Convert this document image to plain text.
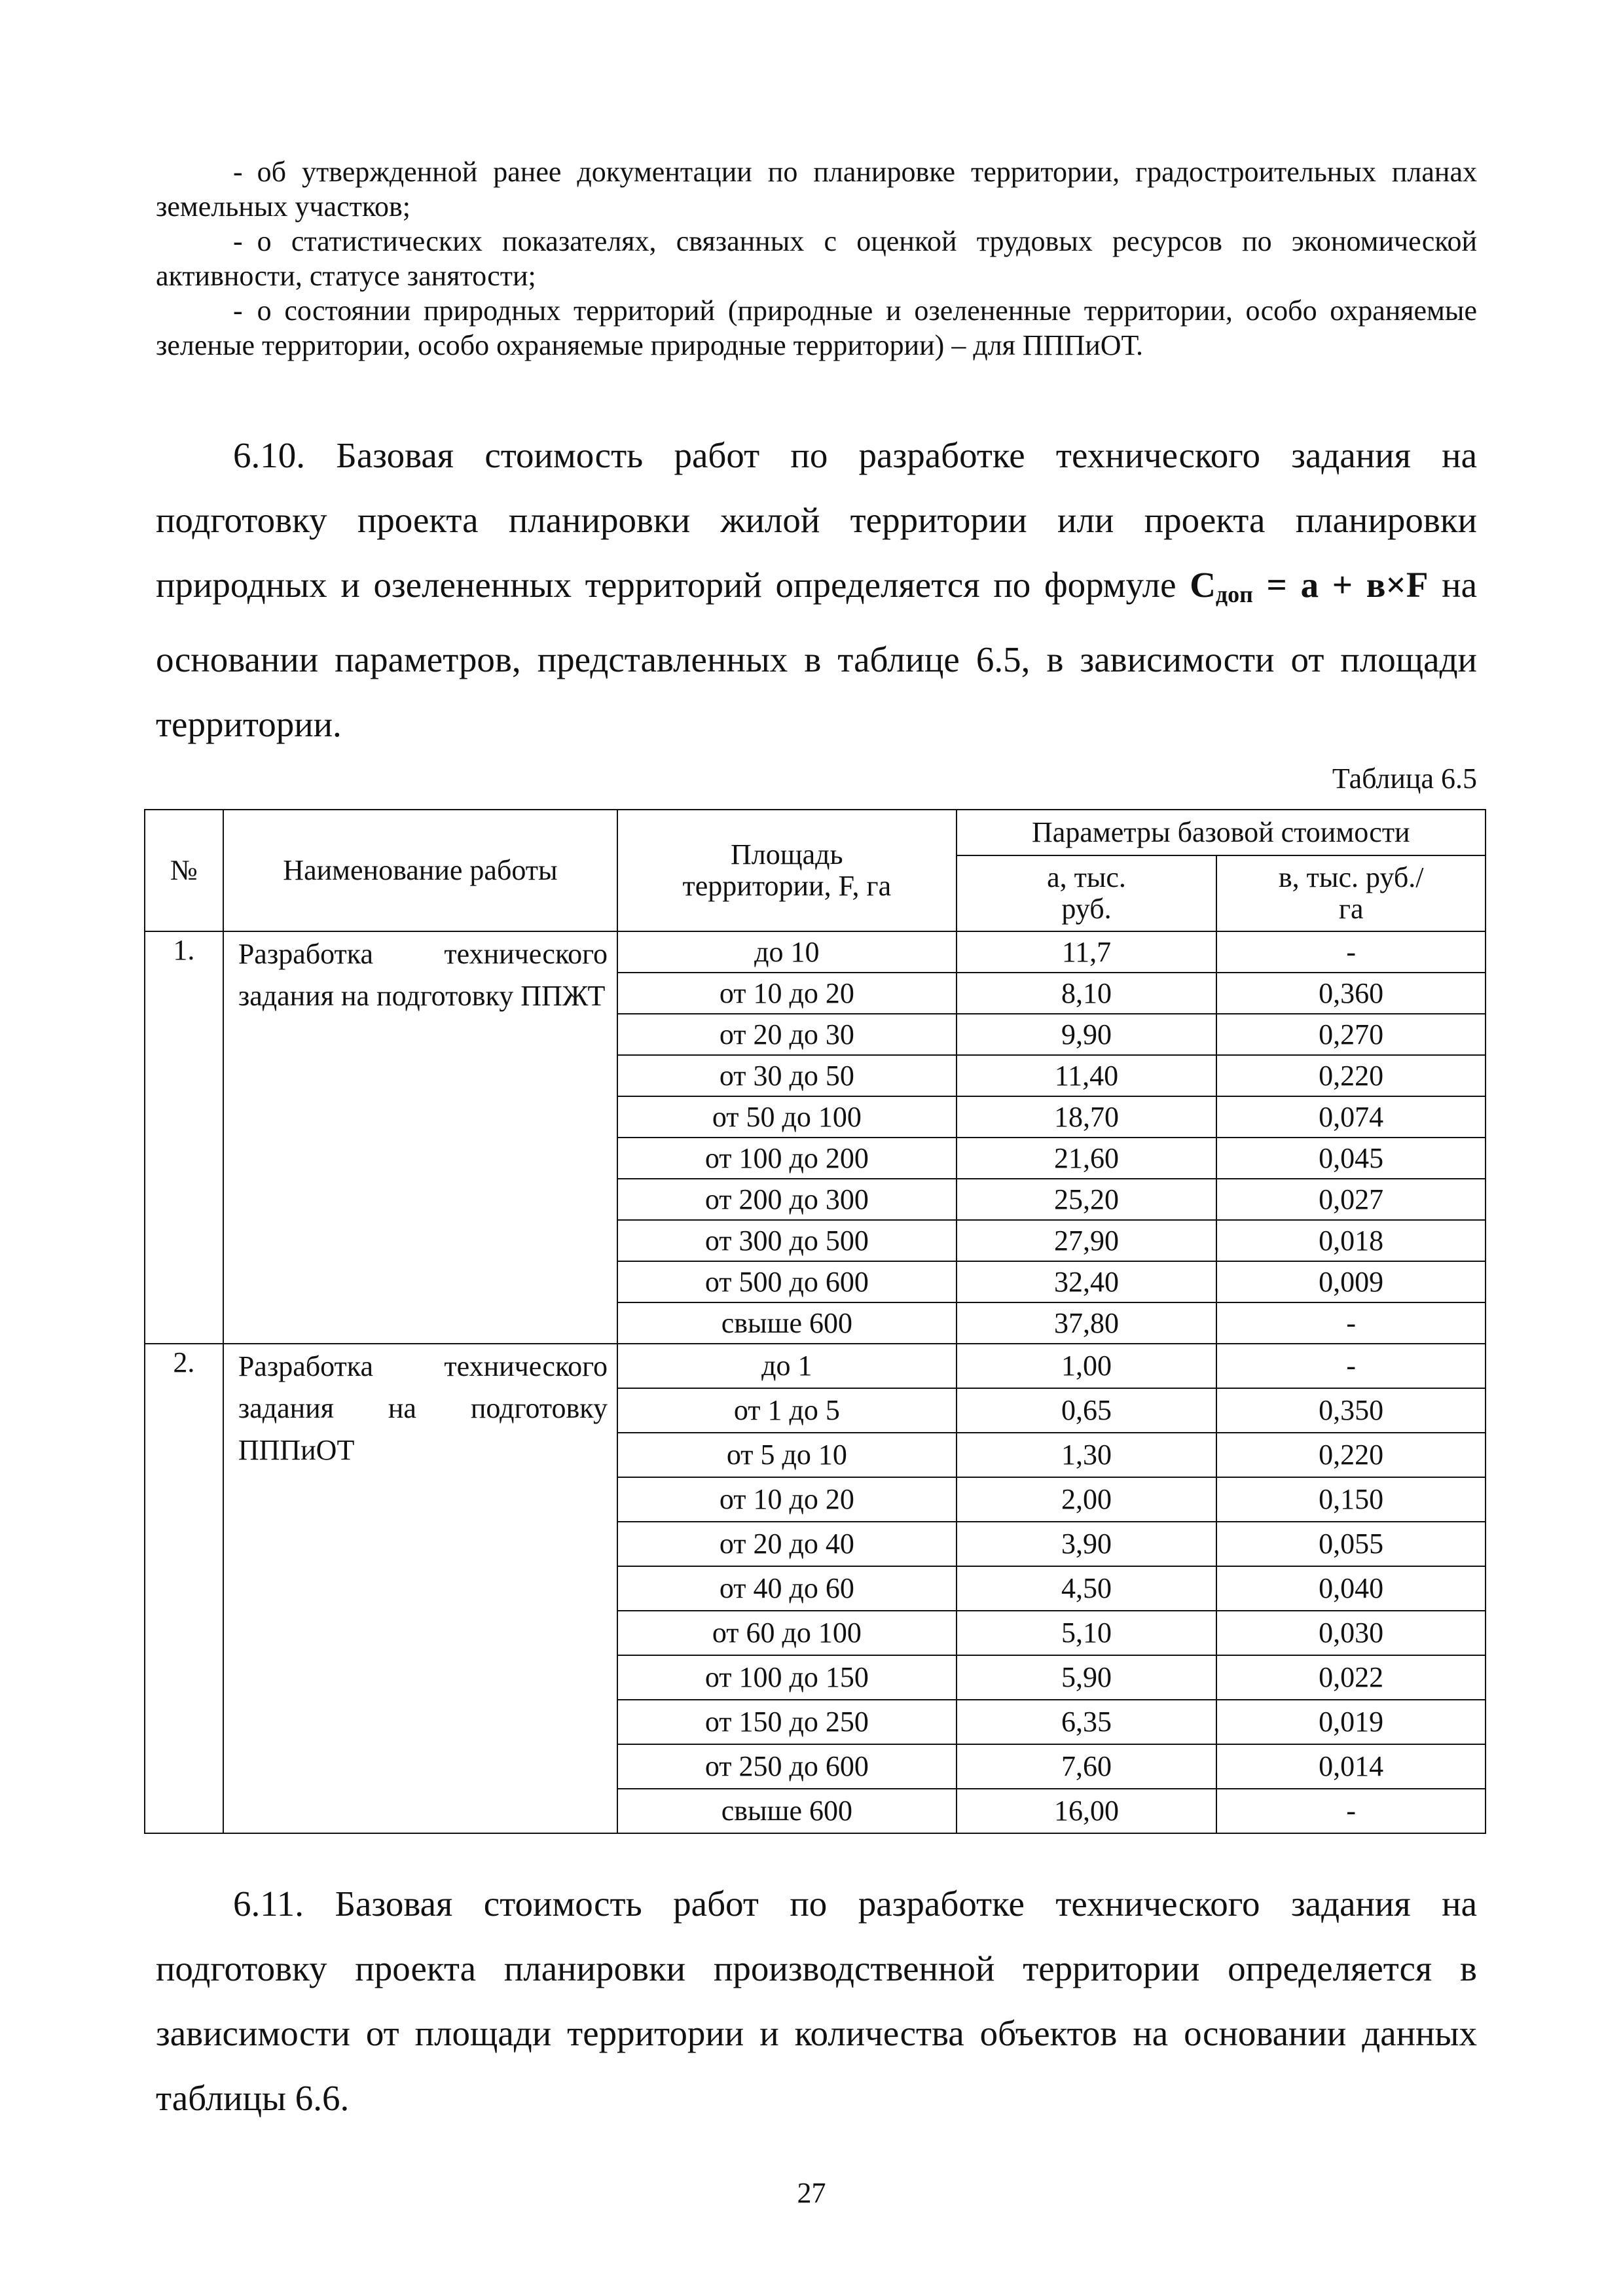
- об утвержденной ранее документации по планировке территории, градостроительных планах земельных участков;

- о статистических показателях, связанных с оценкой трудовых ресурсов по экономической активности, статусе занятости;

- о состоянии природных территорий (природные и озелененные территории, особо охраняемые зеленые территории, особо охраняемые природные территории) – для ПППиОТ.

6.10. Базовая стоимость работ по разработке технического задания на подготовку проекта планировки жилой территории или проекта планировки природных и озелененных территорий определяется по формуле $С_{доп} = а + в\times F$ на основании параметров, представленных в таблице 6.5, в зависимости от площади территории.

Таблица 6.5
№	Наименование работы	Площадь территории, F, га	Параметры базовой стоимости	
			а, тыс. руб.	в, тыс. руб./га
1.	Разработка технического задания на подготовку ППЖТ	до 10	11,7	-
		от 10 до 20	8,10	0,360
		от 20 до 30	9,90	0,270
		от 30 до 50	11,40	0,220
		от 50 до 100	18,70	0,074
		от 100 до 200	21,60	0,045
		от 200 до 300	25,20	0,027
		от 300 до 500	27,90	0,018
		от 500 до 600	32,40	0,009
		свыше 600	37,80	-
2.	Разработка технического задания на подготовку ПППиОТ	до 1	1,00	-
		от 1 до 5	0,65	0,350
		от 5 до 10	1,30	0,220
		от 10 до 20	2,00	0,150
		от 20 до 40	3,90	0,055
		от 40 до 60	4,50	0,040
		от 60 до 100	5,10	0,030
		от 100 до 150	5,90	0,022
		от 150 до 250	6,35	0,019
		от 250 до 600	7,60	0,014
		свыше 600	16,00	-

6.11. Базовая стоимость работ по разработке технического задания на подготовку проекта планировки производственной территории определяется в зависимости от площади территории и количества объектов на основании данных таблицы 6.6.

27
